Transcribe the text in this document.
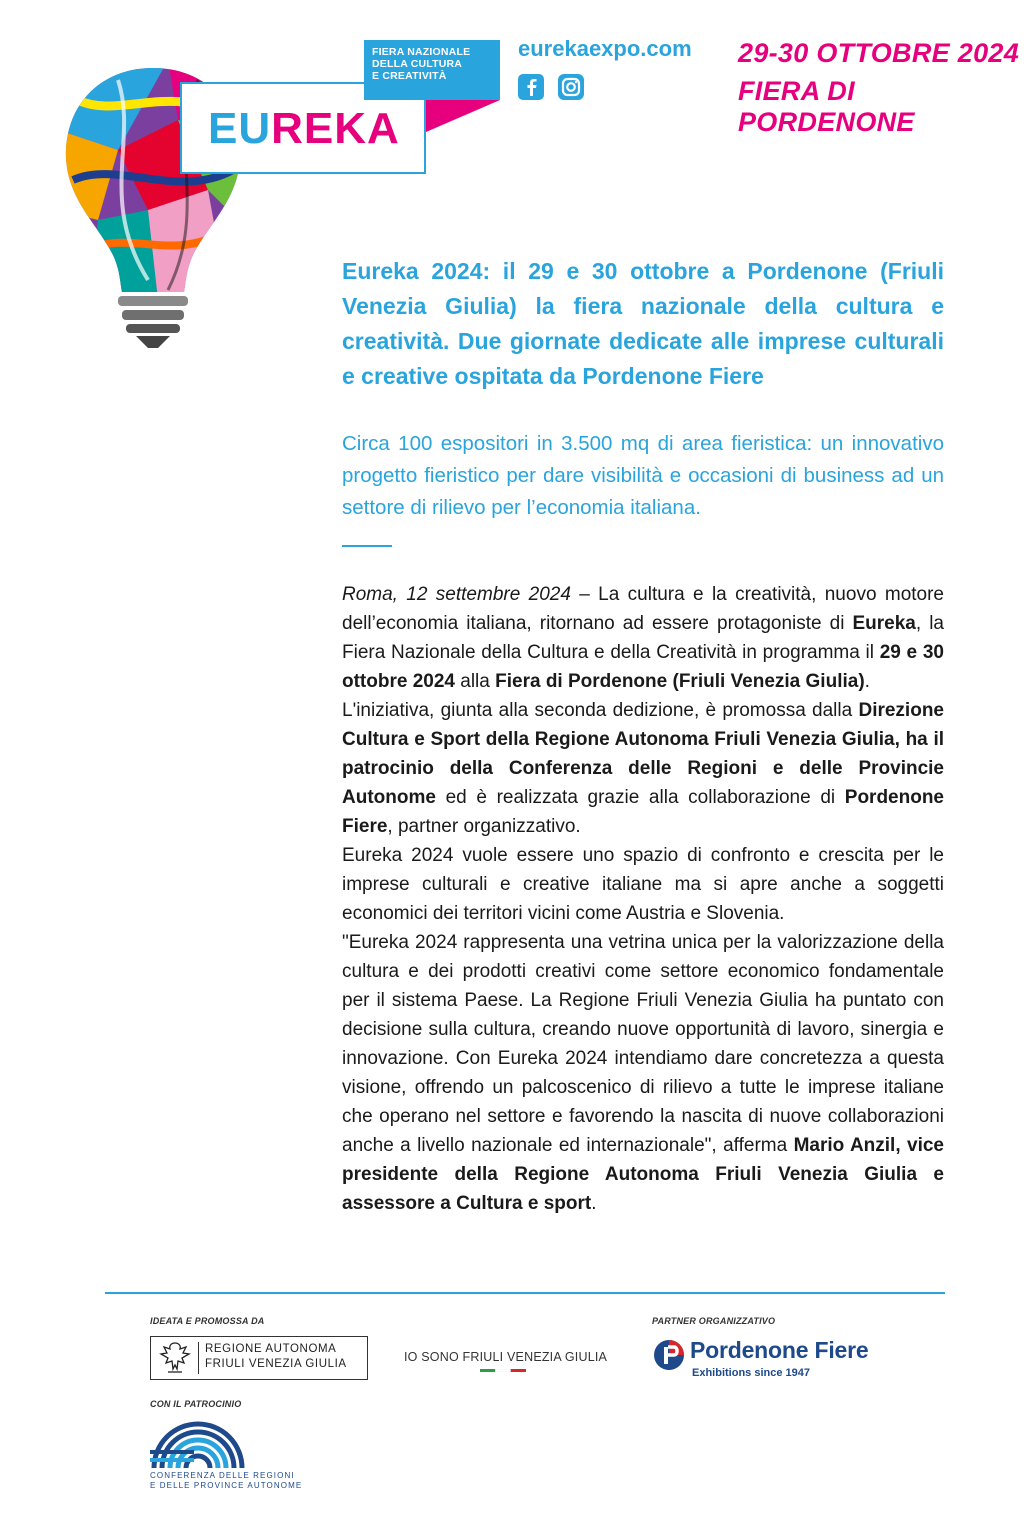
FIERA NAZIONALE
DELLA CULTURA
E CREATIVITÀ
EUREKA
eurekaexpo.com 29-30 OTTOBRE 2024
FIERA DI PORDENONE
Eureka 2024: il 29 e 30 ottobre a Pordenone (Friuli Venezia Giulia) la fiera nazionale della cultura e creatività. Due giornate dedicate alle imprese culturali e creative ospitata da Pordenone Fiere
Circa 100 espositori in 3.500 mq di area fieristica: un innovativo progetto fieristico per dare visibilità e occasioni di business ad un settore di rilievo per l’economia italiana.

Roma, 12 settembre 2024 – La cultura e la creatività, nuovo motore dell’economia italiana, ritornano ad essere protagoniste di Eureka, la Fiera Nazionale della Cultura e della Creatività in programma il 29 e 30 ottobre 2024 alla Fiera di Pordenone (Friuli Venezia Giulia).

L'iniziativa, giunta alla seconda dedizione, è promossa dalla Direzione Cultura e Sport della Regione Autonoma Friuli Venezia Giulia, ha il patrocinio della Conferenza delle Regioni e delle Provincie Autonome ed è realizzata grazie alla collaborazione di Pordenone Fiere, partner organizzativo.

Eureka 2024 vuole essere uno spazio di confronto e crescita per le imprese culturali e creative italiane ma si apre anche a soggetti economici dei territori vicini come Austria e Slovenia.

"Eureka 2024 rappresenta una vetrina unica per la valorizzazione della cultura e dei prodotti creativi come settore economico fondamentale per il sistema Paese. La Regione Friuli Venezia Giulia ha puntato con decisione sulla cultura, creando nuove opportunità di lavoro, sinergia e innovazione. Con Eureka 2024 intendiamo dare concretezza a questa visione, offrendo un palcoscenico di rilievo a tutte le imprese italiane che operano nel settore e favorendo la nascita di nuove collaborazioni anche a livello nazionale ed internazionale", afferma Mario Anzil, vice presidente della Regione Autonoma Friuli Venezia Giulia e assessore a Cultura e sport.

IDEATA E PROMOSSA DA
REGIONE AUTONOMA
FRIULI VENEZIA GIULIA	IO SONO FRIULI VENEZIA GIULIA
PARTNER ORGANIZZATIVO
Pordenone Fiere
Exhibitions since 1947
CON IL PATROCINIO
CONFERENZA DELLE REGIONI
E DELLE PROVINCE AUTONOME
